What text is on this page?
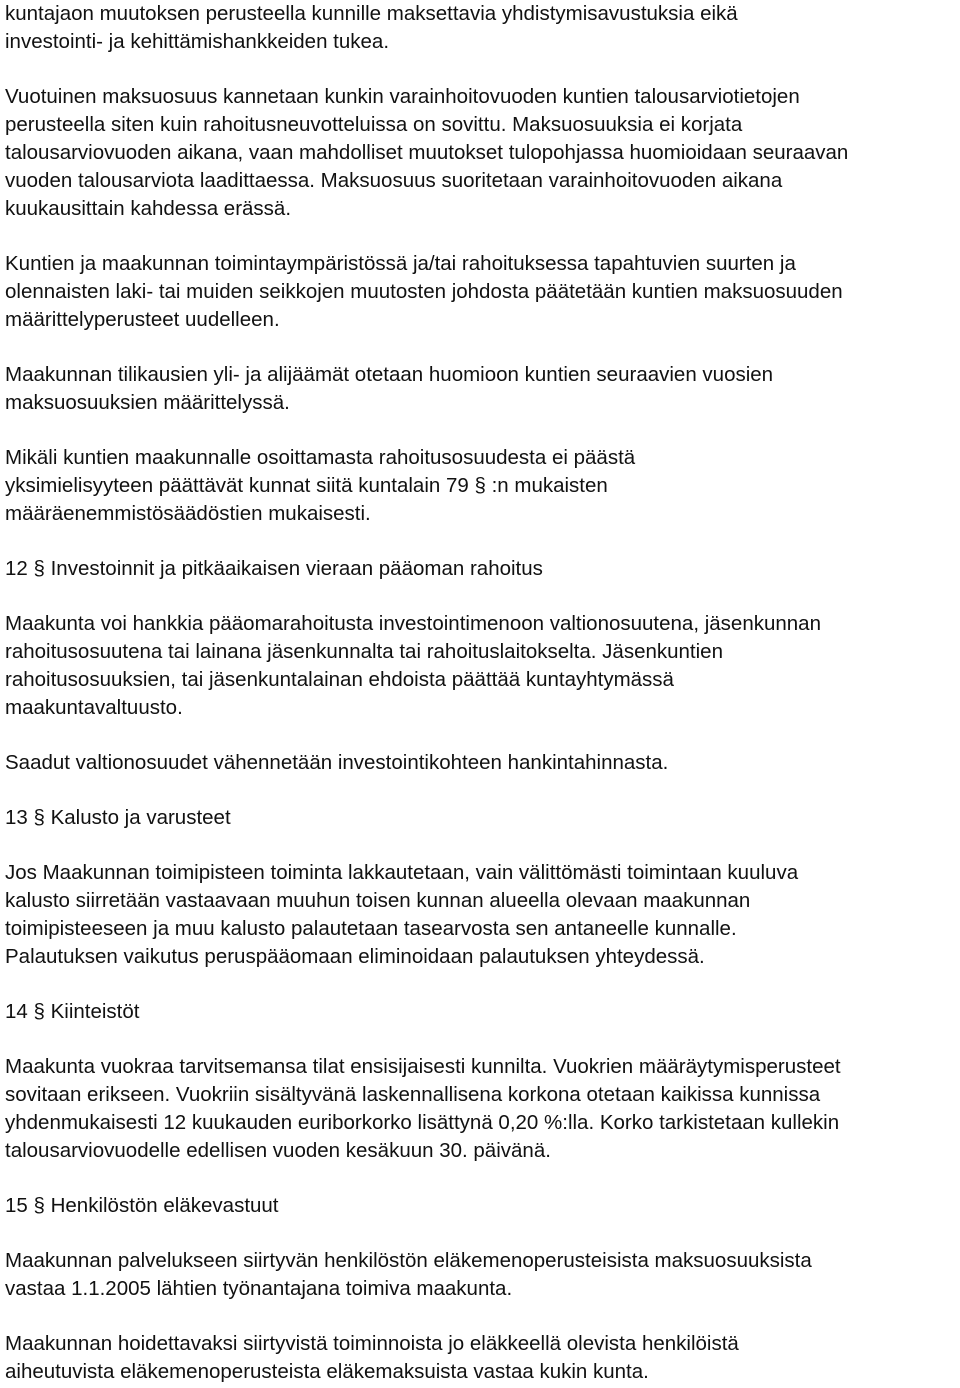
kuntajaon muutoksen perusteella kunnille maksettavia yhdistymisavustuksia eikä
investointi- ja kehittämishankkeiden tukea.

Vuotuinen maksuosuus kannetaan kunkin varainhoitovuoden kuntien talousarviotietojen
perusteella siten kuin rahoitusneuvotteluissa on sovittu. Maksuosuuksia ei korjata
talousarviovuoden aikana, vaan mahdolliset muutokset tulopohjassa huomioidaan seuraavan
vuoden talousarviota laadittaessa. Maksuosuus suoritetaan varainhoitovuoden aikana
kuukausittain kahdessa erässä.

Kuntien ja maakunnan toimintaympäristössä ja/tai rahoituksessa tapahtuvien suurten ja
olennaisten laki- tai muiden seikkojen muutosten johdosta päätetään kuntien maksuosuuden
määrittelyperusteet uudelleen.

Maakunnan tilikausien yli- ja alijäämät otetaan huomioon kuntien seuraavien vuosien
maksuosuuksien määrittelyssä.

Mikäli kuntien maakunnalle osoittamasta rahoitusosuudesta ei päästä
yksimielisyyteen päättävät kunnat siitä kuntalain 79 § :n mukaisten
määräenemmistösäädöstien mukaisesti.

12 § Investoinnit ja pitkäaikaisen vieraan pääoman rahoitus

Maakunta voi hankkia pääomarahoitusta investointimenoon valtionosuutena, jäsenkunnan
rahoitusosuutena tai lainana jäsenkunnalta tai rahoituslaitokselta. Jäsenkuntien
rahoitusosuuksien, tai jäsenkuntalainan ehdoista päättää kuntayhtymässä
maakuntavaltuusto.

Saadut valtionosuudet vähennetään investointikohteen hankintahinnasta.

13 § Kalusto ja varusteet

Jos Maakunnan toimipisteen toiminta lakkautetaan, vain välittömästi toimintaan kuuluva
kalusto siirretään vastaavaan muuhun toisen kunnan alueella olevaan maakunnan
toimipisteeseen ja muu kalusto palautetaan tasearvosta sen antaneelle kunnalle.
Palautuksen vaikutus peruspääomaan eliminoidaan palautuksen yhteydessä.

14 § Kiinteistöt

Maakunta vuokraa tarvitsemansa tilat ensisijaisesti kunnilta. Vuokrien määräytymisperusteet
sovitaan erikseen. Vuokriin sisältyvänä laskennallisena korkona otetaan kaikissa kunnissa
yhdenmukaisesti 12 kuukauden euriborkorko lisättynä 0,20 %:lla. Korko tarkistetaan kullekin
talousarviovuodelle edellisen vuoden kesäkuun 30. päivänä.

15 § Henkilöstön eläkevastuut

Maakunnan palvelukseen siirtyvän henkilöstön eläkemenoperusteisista maksuosuuksista
vastaa 1.1.2005 lähtien työnantajana toimiva maakunta.

Maakunnan hoidettavaksi siirtyvistä toiminnoista jo eläkkeellä olevista henkilöistä
aiheutuvista eläkemenoperusteista eläkemaksuista vastaa kukin kunta.
